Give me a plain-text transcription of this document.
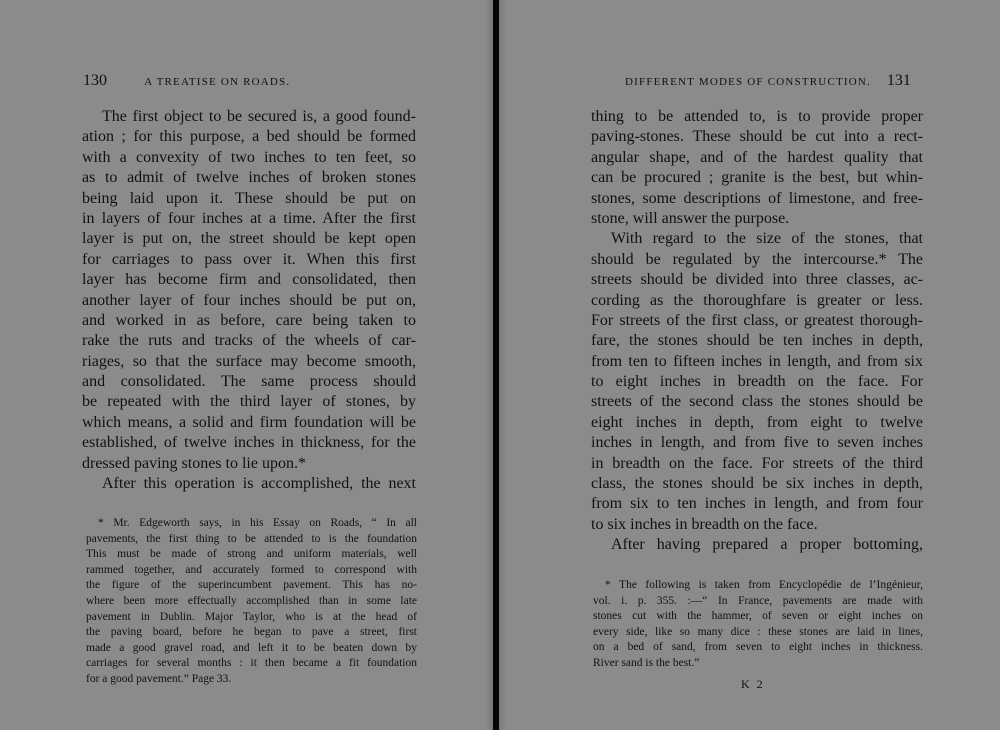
130	A TREATISE ON ROADS.
The first object to be secured is, a good found-
ation ; for this purpose, a bed should be formed
with a convexity of two inches to ten feet, so
as to admit of twelve inches of broken stones
being laid upon it. These should be put on
in layers of four inches at a time. After the first
layer is put on, the street should be kept open
for carriages to pass over it. When this first
layer has become firm and consolidated, then
another layer of four inches should be put on,
and worked in as before, care being taken to
rake the ruts and tracks of the wheels of car-
riages, so that the surface may become smooth,
and consolidated. The same process should
be repeated with the third layer of stones, by
which means, a solid and firm foundation will be
established, of twelve inches in thickness, for the
dressed paving stones to lie upon.*
After this operation is accomplished, the next
* Mr. Edgeworth says, in his Essay on Roads, “ In all
pavements, the first thing to be attended to is the foundation
This must be made of strong and uniform materials, well
rammed together, and accurately formed to correspond with
the figure of the superincumbent pavement. This has no-
where been more effectually accomplished than in some late
pavement in Dublin. Major Taylor, who is at the head of
the paving board, before he began to pave a street, first
made a good gravel road, and left it to be beaten down by
carriages for several months : it then became a fit foundation
for a good pavement.” Page 33.
DIFFERENT MODES OF CONSTRUCTION. 131
thing to be attended to, is to provide proper
paving-stones. These should be cut into a rect-
angular shape, and of the hardest quality that
can be procured ; granite is the best, but whin-
stones, some descriptions of limestone, and free-
stone, will answer the purpose.
With regard to the size of the stones, that
should be regulated by the intercourse.* The
streets should be divided into three classes, ac-
cording as the thoroughfare is greater or less.
For streets of the first class, or greatest thorough-
fare, the stones should be ten inches in depth,
from ten to fifteen inches in length, and from six
to eight inches in breadth on the face. For
streets of the second class the stones should be
eight inches in depth, from eight to twelve
inches in length, and from five to seven inches
in breadth on the face. For streets of the third
class, the stones should be six inches in depth,
from six to ten inches in length, and from four
to six inches in breadth on the face.
After having prepared a proper bottoming,
* The following is taken from Encyclopédie de l’Ingénieur,
vol. i. p. 355. :—“ In France, pavements are made with
stones cut with the hammer, of seven or eight inches on
every side, like so many dice : these stones are laid in lines,
on a bed of sand, from seven to eight inches in thickness.
River sand is the best.”
K 2
